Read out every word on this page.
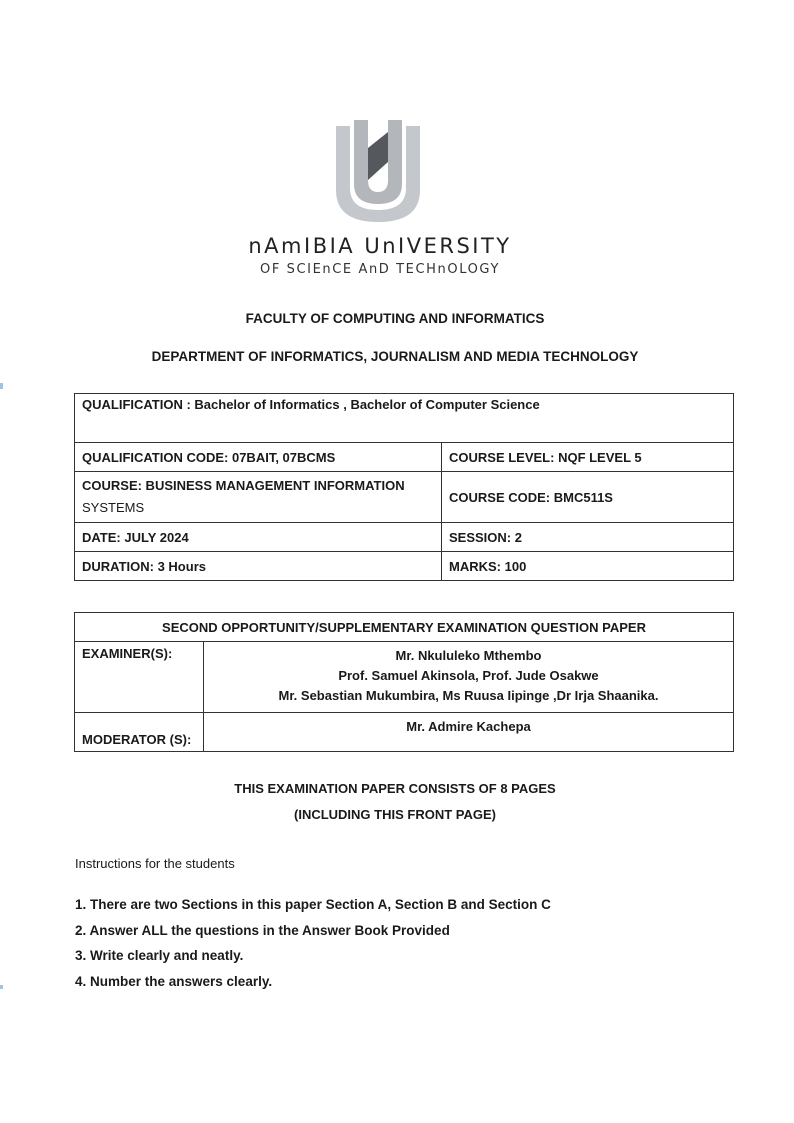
nAmIBIA UnIVERSITY
OF SCIEnCE AnD TECHnOLOGY
FACULTY OF COMPUTING AND INFORMATICS
DEPARTMENT OF INFORMATICS, JOURNALISM AND MEDIA TECHNOLOGY
QUALIFICATION : Bachelor of Informatics , Bachelor of Computer Science	
QUALIFICATION CODE: 07BAIT, 07BCMS	COURSE LEVEL: NQF LEVEL 5

COURSE: BUSINESS MANAGEMENT INFORMATION
SYSTEMS	COURSE CODE: BMC511S
DATE: JULY 2024	SESSION: 2
DURATION: 3 Hours	MARKS: 100
SECOND OPPORTUNITY/SUPPLEMENTARY EXAMINATION QUESTION PAPER	
EXAMINER(S):	Mr. Nkululeko Mthembo
Prof. Samuel Akinsola, Prof. Jude Osakwe
Mr. Sebastian Mukumbira, Ms Ruusa Iipinge ,Dr Irja Shaanika.

MODERATOR (S):	Mr. Admire Kachepa
THIS EXAMINATION PAPER CONSISTS OF 8 PAGES
(INCLUDING THIS FRONT PAGE)
Instructions for the students
1. There are two Sections in this paper Section A, Section B and Section C
2. Answer ALL the questions in the Answer Book Provided
3. Write clearly and neatly.
4. Number the answers clearly.
